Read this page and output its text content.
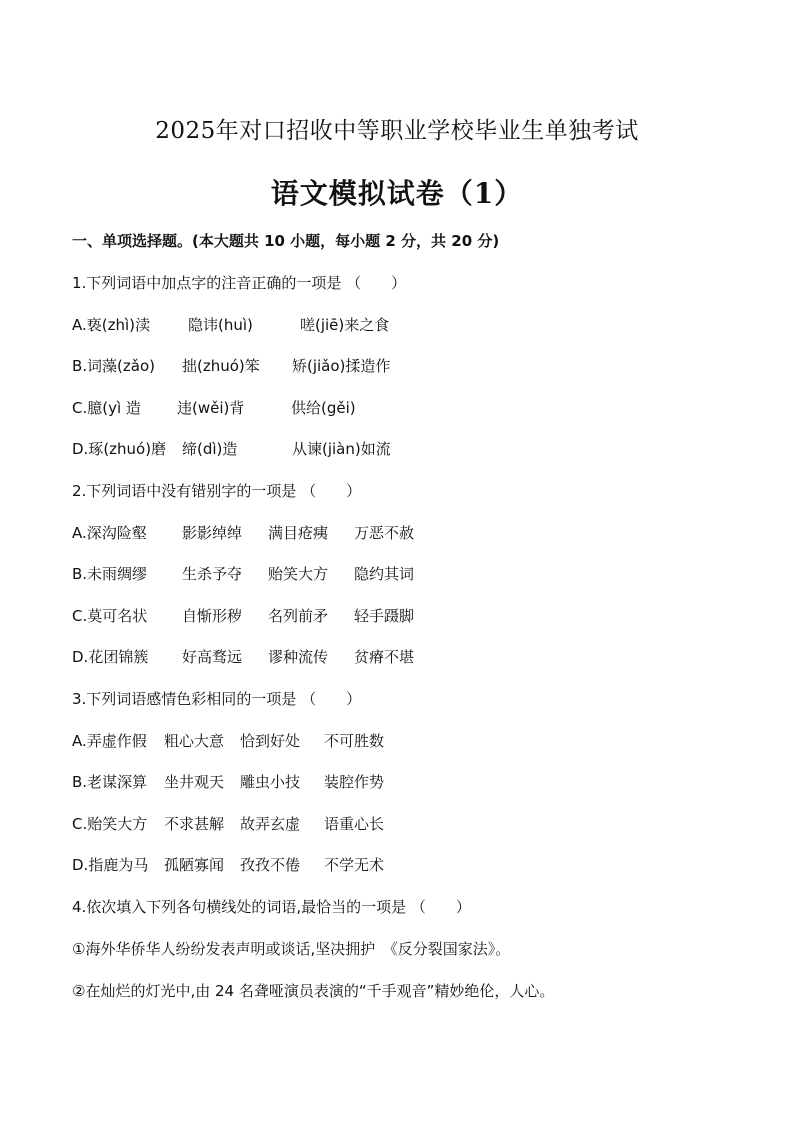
2025年对口招收中等职业学校毕业生单独考试
语文模拟试卷（1）
一、单项选择题。(本大题共 10 小题，每小题 2 分，共 20 分)
1.下列词语中加点字的注音正确的一项是 （　　）
A.亵(zhì)渎	隐讳(huì)	嗟(jiē)来之食
B.词藻(zǎo) 拙(zhuó)笨 矫(jiǎo)揉造作
C.臆(yì 造 违(wěi)背	供给(gěi)
D.琢(zhuó)磨 缔(dì)造	从谏(jiàn)如流
2.下列词语中没有错别字的一项是 （　　）
A.深沟险壑 影影绰绰 满目疮痍 万恶不赦
B.未雨绸缪 生杀予夺 贻笑大方 隐约其词
C.莫可名状 自惭形秽 名列前矛 轻手蹑脚
D.花团锦簇 好高骛远 谬种流传 贫瘠不堪
3.下列词语感情色彩相同的一项是 （　　）
A.弄虚作假 粗心大意 恰到好处 不可胜数
B.老谋深算 坐井观天 雕虫小技 装腔作势
C.贻笑大方 不求甚解 故弄玄虚 语重心长
D.指鹿为马 孤陋寡闻 孜孜不倦 不学无术
4.依次填入下列各句横线处的词语,最恰当的一项是 （　　）
①海外华侨华人纷纷发表声明或谈话,坚决拥护　《反分裂国家法》。
②在灿烂的灯光中,由 24 名聋哑演员表演的“千手观音”精妙绝伦，人心。
